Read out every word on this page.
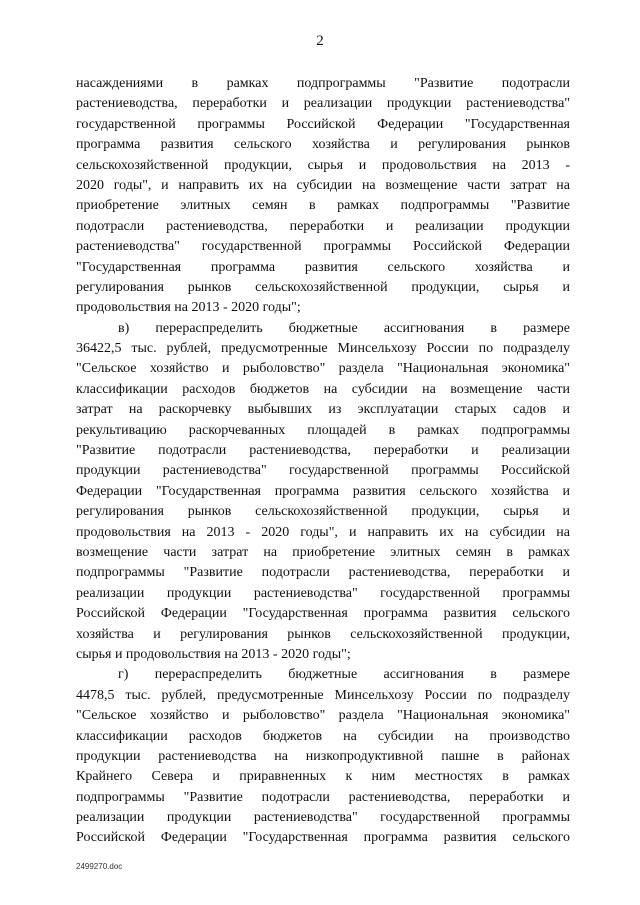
2
насаждениями в рамках подпрограммы "Развитие подотрасли
растениеводства, переработки и реализации продукции растениеводства"
государственной программы Российской Федерации "Государственная
программа развития сельского хозяйства и регулирования рынков
сельскохозяйственной продукции, сырья и продовольствия на 2013 -
2020 годы", и направить их на субсидии на возмещение части затрат на
приобретение элитных семян в рамках подпрограммы "Развитие
подотрасли растениеводства, переработки и реализации продукции
растениеводства" государственной программы Российской Федерации
"Государственная программа развития сельского хозяйства и
регулирования рынков сельскохозяйственной продукции, сырья и
продовольствия на 2013 - 2020 годы";
в) перераспределить бюджетные ассигнования в размере
36422,5 тыс. рублей, предусмотренные Минсельхозу России по подразделу
"Сельское хозяйство и рыболовство" раздела "Национальная экономика"
классификации расходов бюджетов на субсидии на возмещение части
затрат на раскорчевку выбывших из эксплуатации старых садов и
рекультивацию раскорчеванных площадей в рамках подпрограммы
"Развитие подотрасли растениеводства, переработки и реализации
продукции растениеводства" государственной программы Российской
Федерации "Государственная программа развития сельского хозяйства и
регулирования рынков сельскохозяйственной продукции, сырья и
продовольствия на 2013 - 2020 годы", и направить их на субсидии на
возмещение части затрат на приобретение элитных семян в рамках
подпрограммы "Развитие подотрасли растениеводства, переработки и
реализации продукции растениеводства" государственной программы
Российской Федерации "Государственная программа развития сельского
хозяйства и регулирования рынков сельскохозяйственной продукции,
сырья и продовольствия на 2013 - 2020 годы";
г) перераспределить бюджетные ассигнования в размере
4478,5 тыс. рублей, предусмотренные Минсельхозу России по подразделу
"Сельское хозяйство и рыболовство" раздела "Национальная экономика"
классификации расходов бюджетов на субсидии на производство
продукции растениеводства на низкопродуктивной пашне в районах
Крайнего Севера и приравненных к ним местностях в рамках
подпрограммы "Развитие подотрасли растениеводства, переработки и
реализации продукции растениеводства" государственной программы
Российской Федерации "Государственная программа развития сельского
2499270.doc
